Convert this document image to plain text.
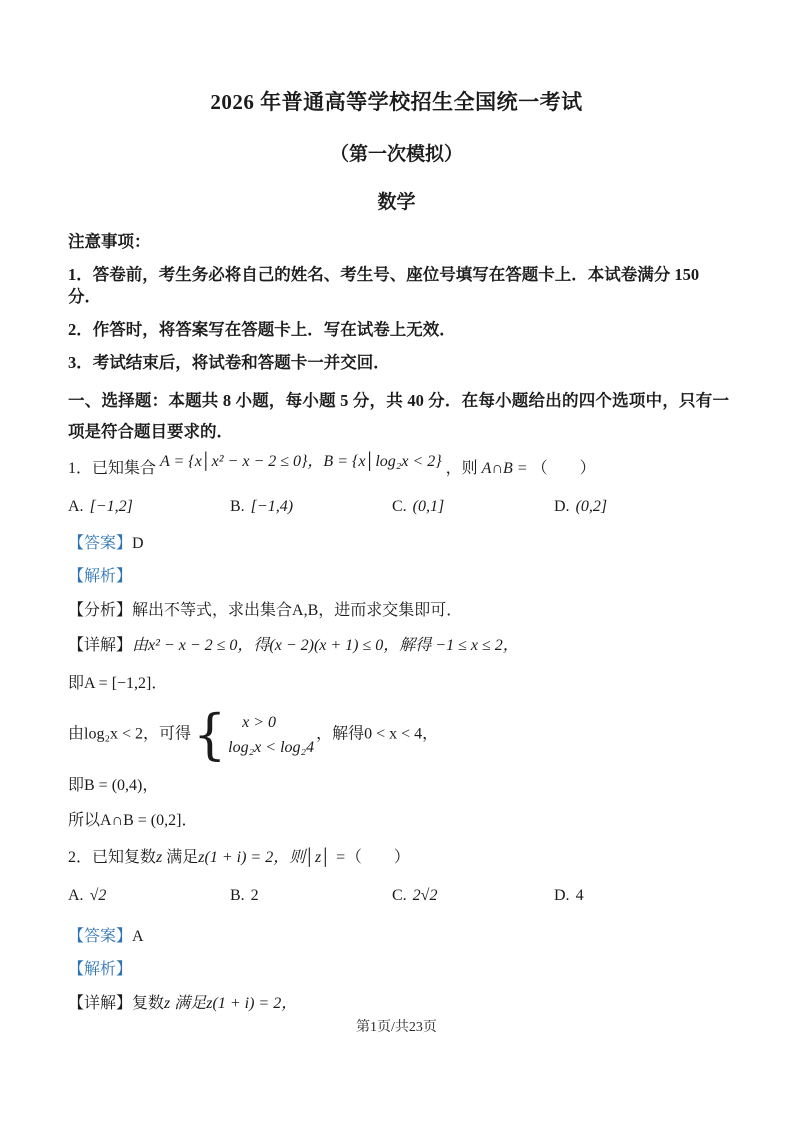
2026 年普通高等学校招生全国统一考试

（第一次模拟）

数学

注意事项：

1．答卷前，考生务必将自己的姓名、考生号、座位号填写在答题卡上．本试卷满分 150 分．

2．作答时，将答案写在答题卡上．写在试卷上无效．

3．考试结束后，将试卷和答题卡一并交回．

一、选择题：本题共 8 小题，每小题 5 分，共 40 分．在每小题给出的四个选项中，只有一项是符合题目要求的．

1．已知集合 A = {x│x² − x − 2 ≤ 0}，B = {x│log₂x < 2} ，则 A∩B = （　　）

A. [−1,2]	B. [−1,4)	C. (0,1]	D. (0,2]

【答案】D

【解析】

【分析】解出不等式，求出集合A,B，进而求交集即可．

【详解】由x² − x − 2 ≤ 0，得(x − 2)(x + 1) ≤ 0，解得 −1 ≤ x ≤ 2，

即A = [−1,2]．

由log₂x < 2，可得 {	x > 0
log₂x < log₂4
，解得0 < x < 4，

即B = (0,4)，

所以A∩B = (0,2]．

2．已知复数z 满足z(1 + i) = 2，则│z│ =（　　）

A. √2	B. 2	C. 2√2	D. 4

【答案】A

【解析】

【详解】复数z 满足z(1 + i) = 2，

第1页/共23页
